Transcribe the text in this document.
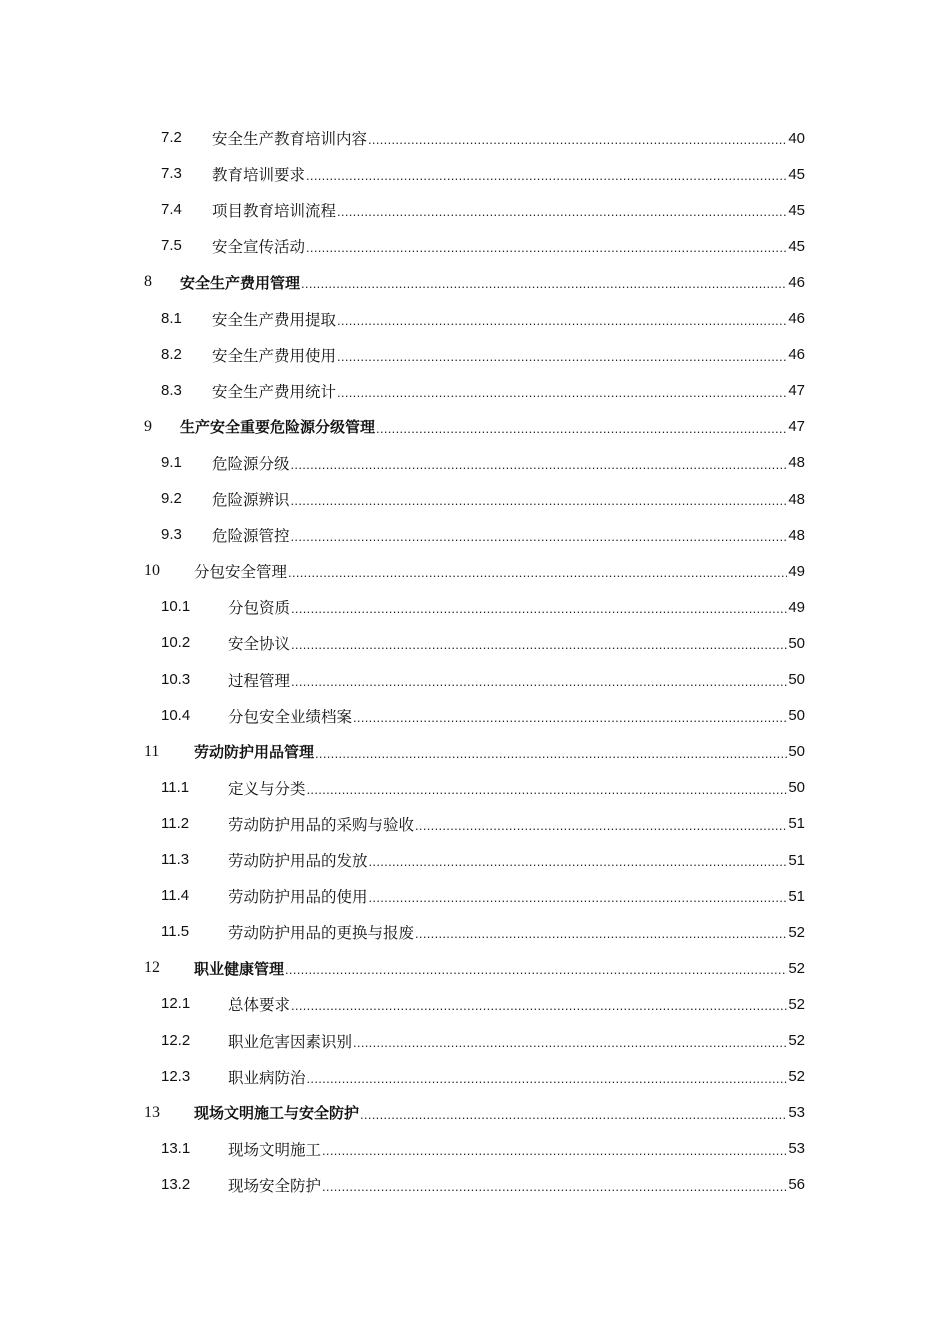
7.2 安全生产教育培训内容 .....	40
7.3 教育培训要求 .....	45
7.4 项目教育培训流程 .....	45
7.5 安全宣传活动 .....	45
8 安全生产费用管理 .....	46
8.1 安全生产费用提取 .....	46
8.2 安全生产费用使用 .....	46
8.3 安全生产费用统计 .....	47
9 生产安全重要危险源分级管理 .....	47
9.1 危险源分级 .....	48
9.2 危险源辨识 .....	48
9.3 危险源管控 .....	48
10 分包安全管理 .....	49
10.1 分包资质 .....	49
10.2 安全协议 .....	50
10.3 过程管理 .....	50
10.4 分包安全业绩档案 .....	50
11 劳动防护用品管理 .....	50
11.1	定义与分类 .....	50
11.2	劳动防护用品的采购与验收 .....	51
11.3	劳动防护用品的发放 .....	51
11.4	劳动防护用品的使用 .....	51
11.5	劳动防护用品的更换与报废 .....	52
12 职业健康管理 .....	52
12.1 总体要求 .....	52
12.2 职业危害因素识别 .....	52
12.3 职业病防治 .....	52
13 现场文明施工与安全防护 .....	53
13.1 现场文明施工 .....	53
13.2 现场安全防护 .....	56
